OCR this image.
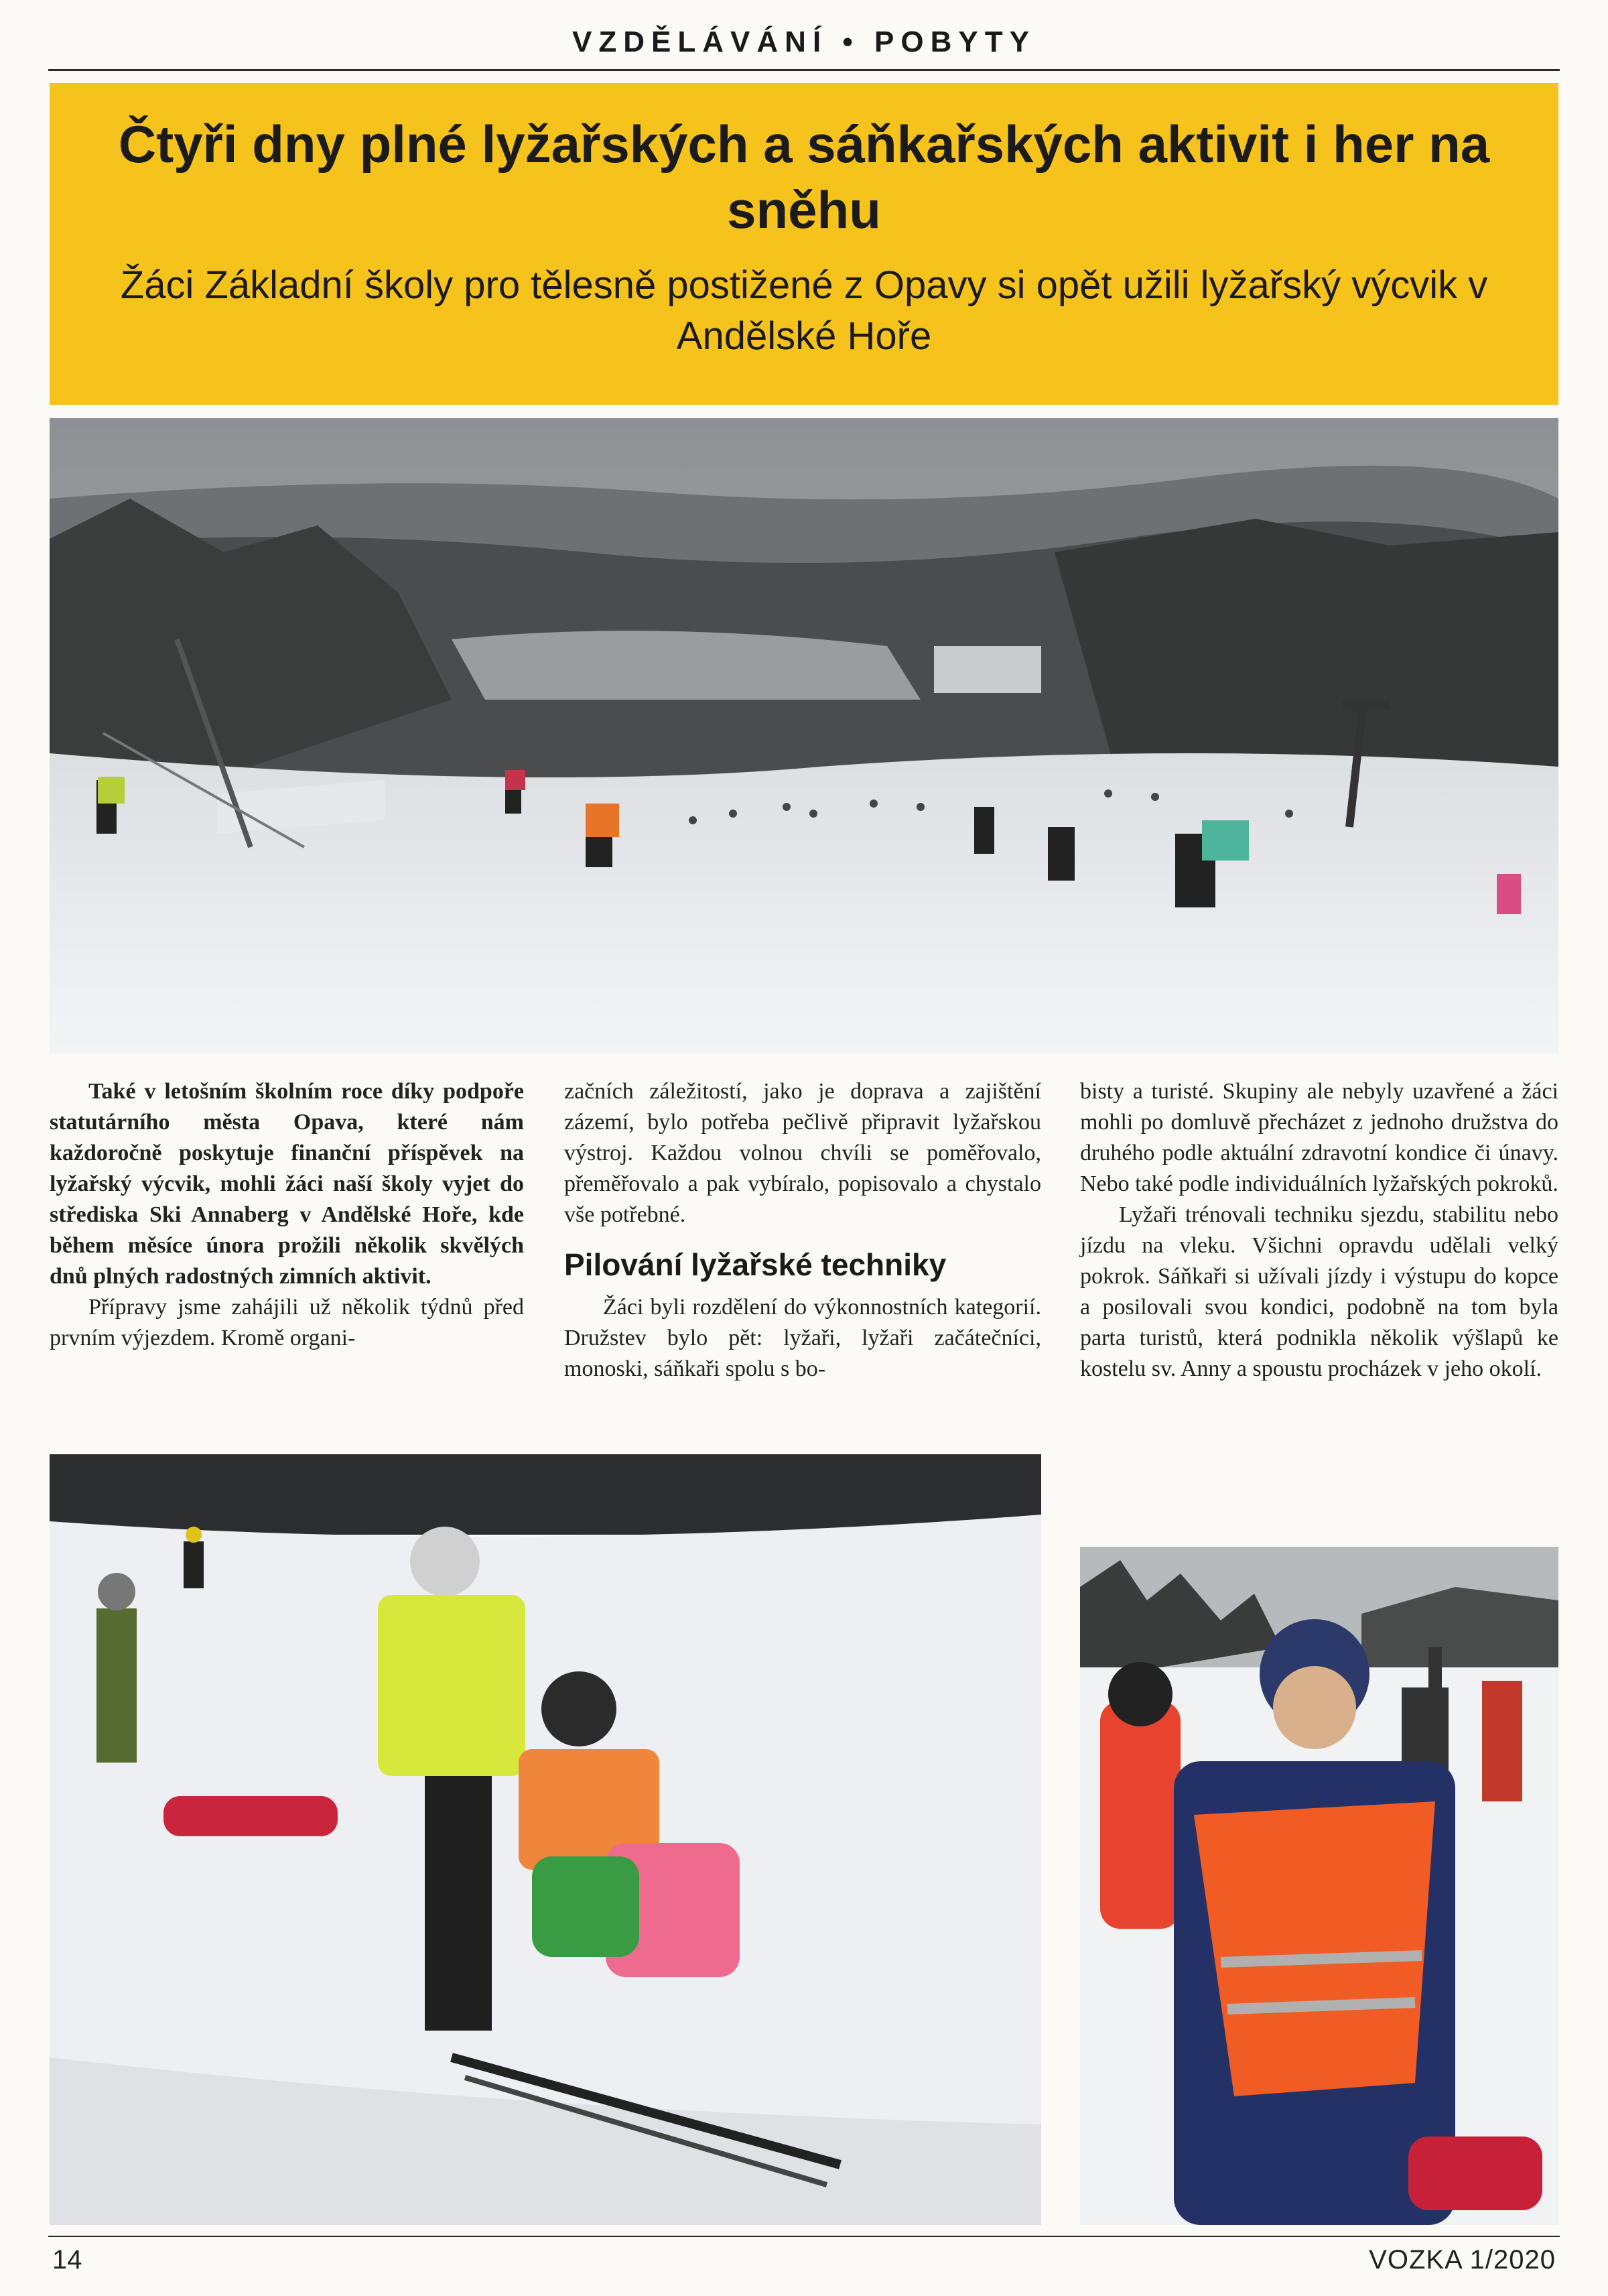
VZDĚLÁVÁNÍ • POBYTY
Čtyři dny plné lyžařských a sáňkařských aktivit i her na sněhu
Žáci Základní školy pro tělesně postižené z Opavy si opět užili lyžařský výcvik v Andělské Hoře

Také v letošním školním roce díky podpoře statutárního města Opava, které nám každoročně poskytuje finanční příspěvek na lyžařský výcvik, mohli žáci naší školy vyjet do střediska Ski Annaberg v Andělské Hoře, kde během měsíce února prožili několik skvělých dnů plných radostných zimních aktivit.

Přípravy jsme zahájili už několik týdnů před prvním výjezdem. Kromě organi-

začních záležitostí, jako je doprava a zajištění zázemí, bylo potřeba pečlivě připravit lyžařskou výstroj. Každou volnou chvíli se poměřovalo, přeměřovalo a pak vybíralo, popisovalo a chystalo vše potřebné.

Pilování lyžařské techniky

Žáci byli rozdělení do výkonnostních kategorií. Družstev bylo pět: lyžaři, lyžaři začátečníci, monoski, sáňkaři spolu s bo-

bisty a turisté. Skupiny ale nebyly uzavřené a žáci mohli po domluvě přecházet z jednoho družstva do druhého podle aktuální zdravotní kondice či únavy. Nebo také podle individuálních lyžařských pokroků.

Lyžaři trénovali techniku sjezdu, stabilitu nebo jízdu na vleku. Všichni opravdu udělali velký pokrok. Sáňkaři si užívali jízdy i výstupu do kopce a posilovali svou kondici, podobně na tom byla parta turistů, která podnikla několik výšlapů ke kostelu sv. Anny a spoustu procházek v jeho okolí.

14	VOZKA 1/2020
